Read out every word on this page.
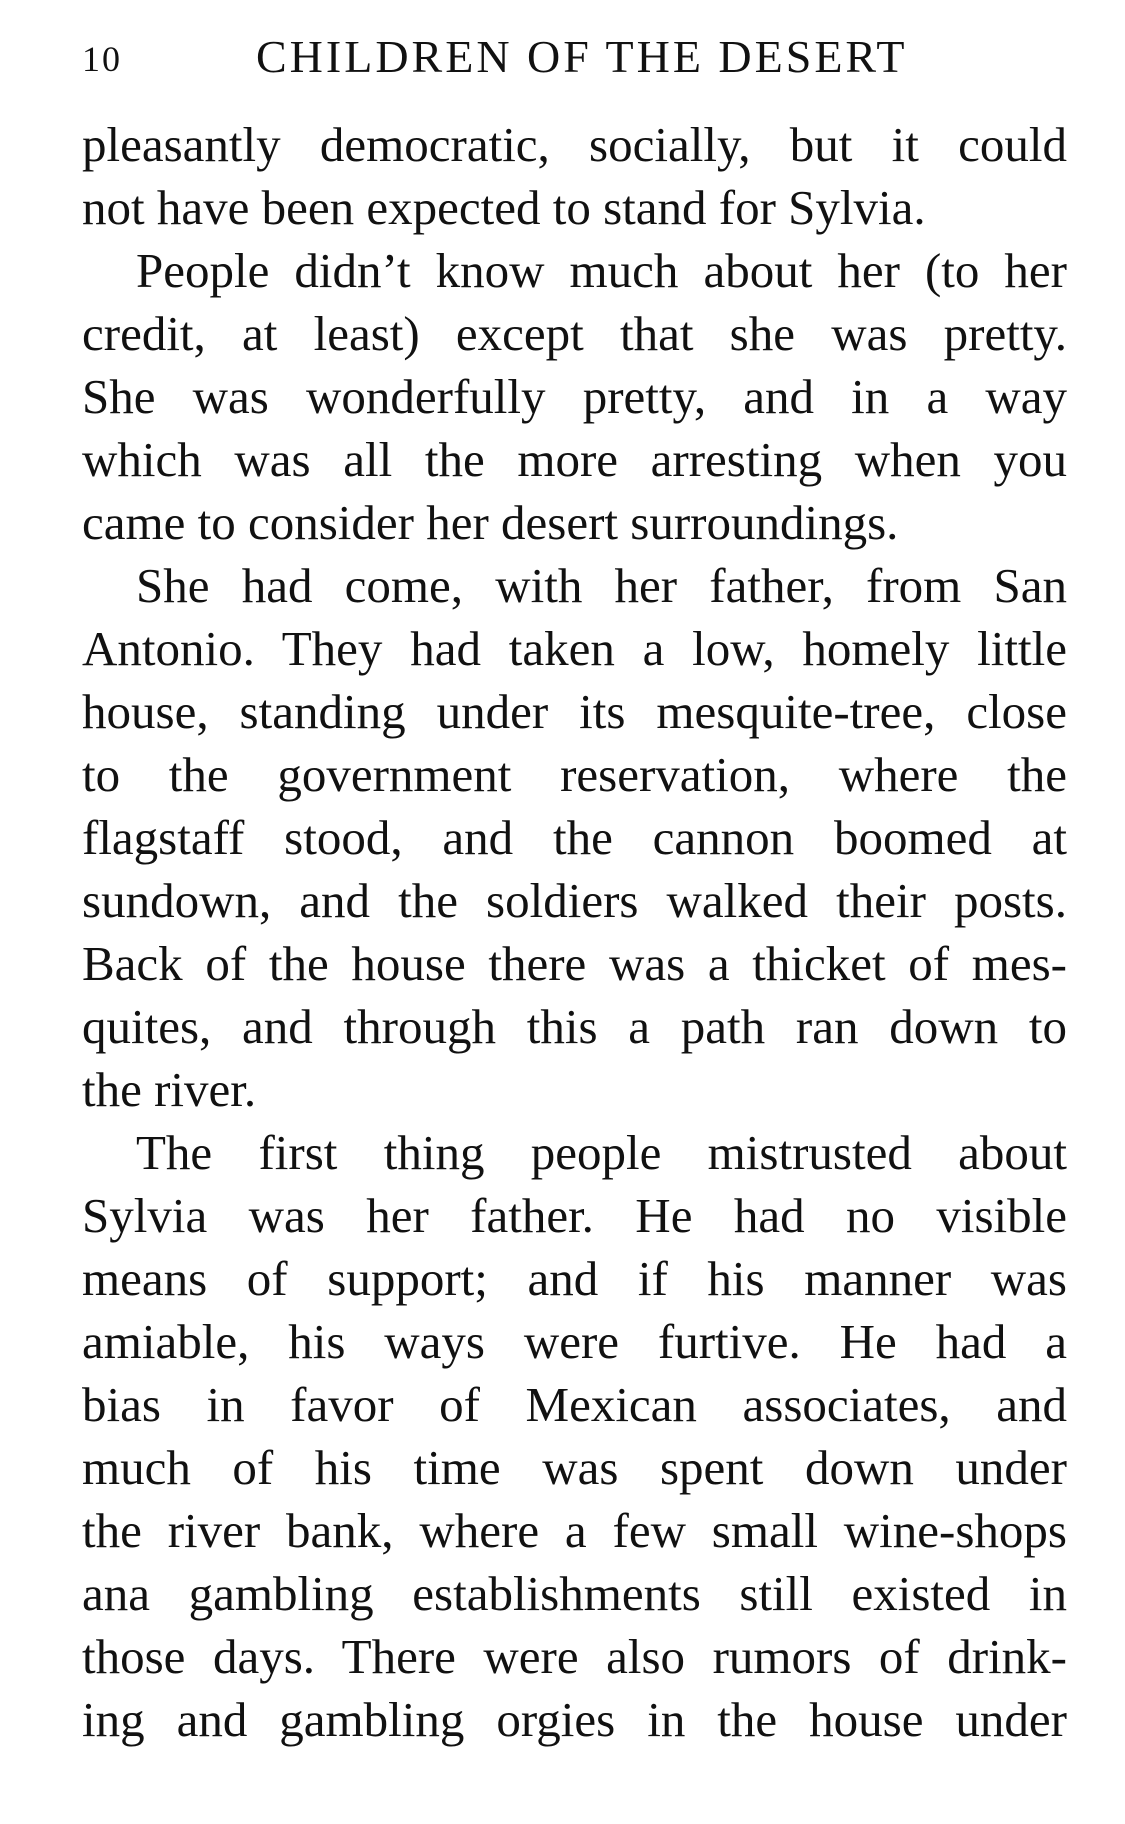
10	CHILDREN OF THE DESERT
pleasantly democratic, socially, but it could
not have been expected to stand for Sylvia.
People didn’t know much about her (to her
credit, at least) except that she was pretty.
She was wonderfully pretty, and in a way
which was all the more arresting when you
came to consider her desert surroundings.
She had come, with her father, from San
Antonio. They had taken a low, homely little
house, standing under its mesquite-tree, close
to the government reservation, where the
flagstaff stood, and the cannon boomed at
sundown, and the soldiers walked their posts.
Back of the house there was a thicket of mes-
quites, and through this a path ran down to
the river.
The first thing people mistrusted about
Sylvia was her father. He had no visible
means of support; and if his manner was
amiable, his ways were furtive. He had a
bias in favor of Mexican associates, and
much of his time was spent down under
the river bank, where a few small wine-shops
ana gambling establishments still existed in
those days. There were also rumors of drink-
ing and gambling orgies in the house under
